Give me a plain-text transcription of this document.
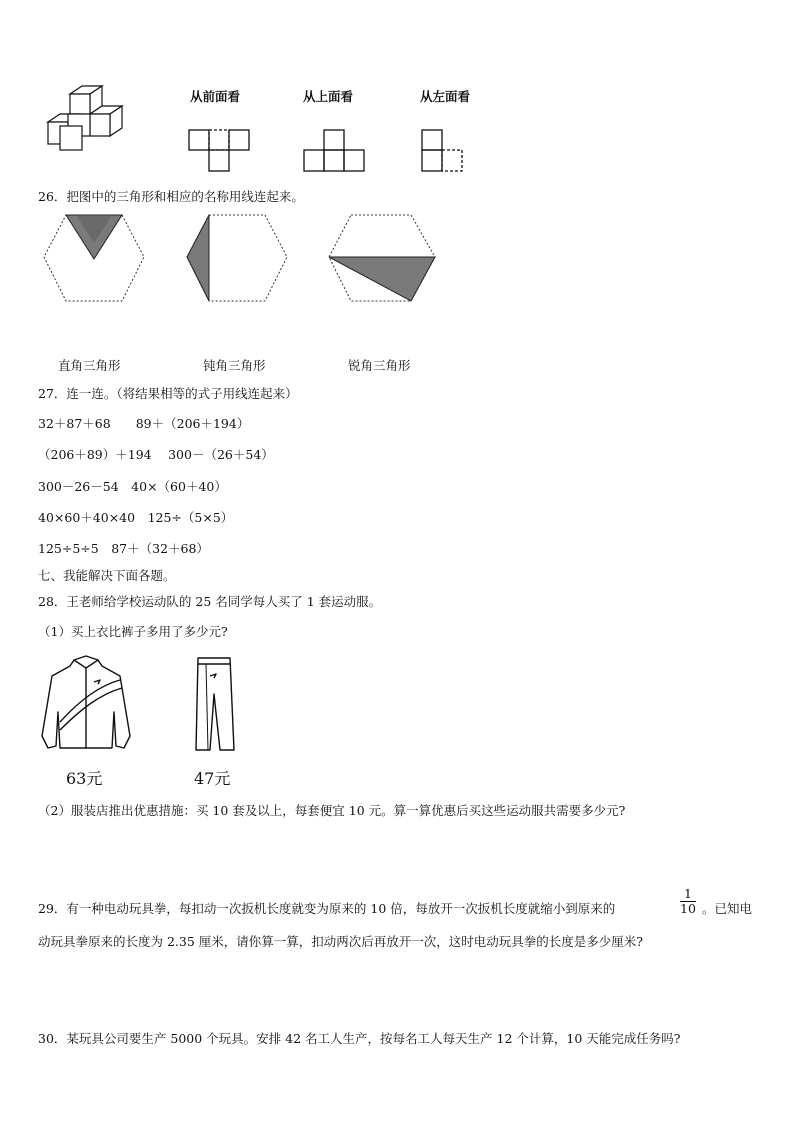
从前面看	从上面看	从左面看
26．把图中的三角形和相应的名称用线连起来。
直角三角形	钝角三角形	锐角三角形
27．连一连。（将结果相等的式子用线连起来）
32＋87＋68　　89＋（206＋194）
（206＋89）＋194　 300－（26＋54）
300－26－54　40×（60＋40）
40×60＋40×40　125÷（5×5）
125÷5÷5　87＋（32＋68）
七、我能解决下面各题。
28．王老师给学校运动队的 25 名同学每人买了 1 套运动服。
（1）买上衣比裤子多用了多少元?
63元	47元
（2）服装店推出优惠措施：买 10 套及以上，每套便宜 10 元。算一算优惠后买这些运动服共需要多少元?
29．有一种电动玩具拳，每扣动一次扳机长度就变为原来的 10 倍，每放开一次扳机长度就缩小到原来的	$\frac{1}{10}$ 。已知电
动玩具拳原来的长度为 2.35 厘米，请你算一算，扣动两次后再放开一次，这时电动玩具拳的长度是多少厘米?
30．某玩具公司要生产 5000 个玩具。安排 42 名工人生产，按每名工人每天生产 12 个计算，10 天能完成任务吗?
